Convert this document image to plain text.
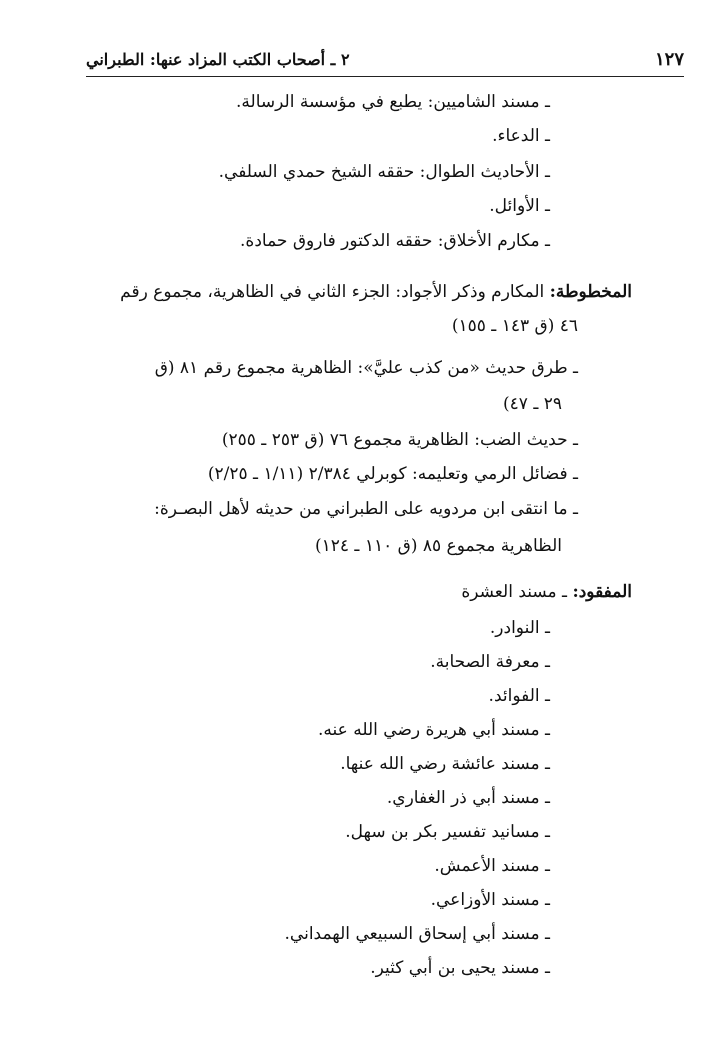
١٢٧
٢ ـ أصحاب الكتب المزاد عنها: الطبراني
ـ مسند الشاميين: يطبع في مؤسسة الرسالة.
ـ الدعاء.
ـ الأحاديث الطوال: حققه الشيخ حمدي السلفي.
ـ الأوائل.
ـ مكارم الأخلاق: حققه الدكتور فاروق حمادة.
المخطوطة: المكارم وذكر الأجواد: الجزء الثاني في الظاهرية، مجموع رقم
٤٦ (ق ١٤٣ ـ ١٥٥)
ـ طرق حديث «من كذب عليَّ»: الظاهرية مجموع رقم ٨١ (ق
٢٩ ـ ٤٧)
ـ حديث الضب: الظاهرية مجموع ٧٦ (ق ٢٥٣ ـ ٢٥٥)
ـ فضائل الرمي وتعليمه: كوبرلي ٢/٣٨٤ (١/١١ ـ ٢/٢٥)
ـ ما انتقى ابن مردويه على الطبراني من حديثه لأهل البصـرة:
الظاهرية مجموع ٨٥ (ق ١١٠ ـ ١٢٤)
المفقود: ـ مسند العشرة
ـ النوادر.
ـ معرفة الصحابة.
ـ الفوائد.
ـ مسند أبي هريرة رضي الله عنه.
ـ مسند عائشة رضي الله عنها.
ـ مسند أبي ذر الغفاري.
ـ مسانيد تفسير بكر بن سهل.
ـ مسند الأعمش.
ـ مسند الأوزاعي.
ـ مسند أبي إسحاق السبيعي الهمداني.
ـ مسند يحيى بن أبي كثير.
